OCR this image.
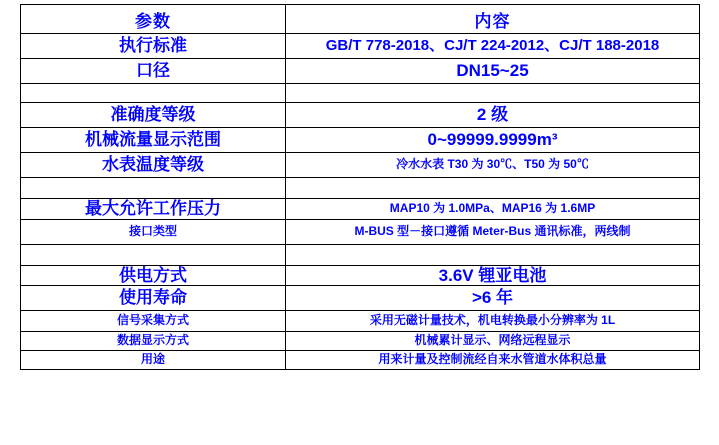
参数	内容
执行标准	GB/T 778-2018、CJ/T 224-2012、CJ/T 188-2018
口径	DN15~25

准确度等级	2 级
机械流量显示范围	0~99999.9999m³
水表温度等级	冷水水表 T30 为 30℃、T50 为 50℃

最大允许工作压力	MAP10 为 1.0MPa、MAP16 为 1.6MP
接口类型	M-BUS 型－接口遵循 Meter-Bus 通讯标准，两线制

供电方式	3.6V 锂亚电池
使用寿命	>6 年
信号采集方式	采用无磁计量技术，机电转换最小分辨率为 1L
数据显示方式	机械累计显示、网络远程显示
用途	用来计量及控制流经自来水管道水体积总量
